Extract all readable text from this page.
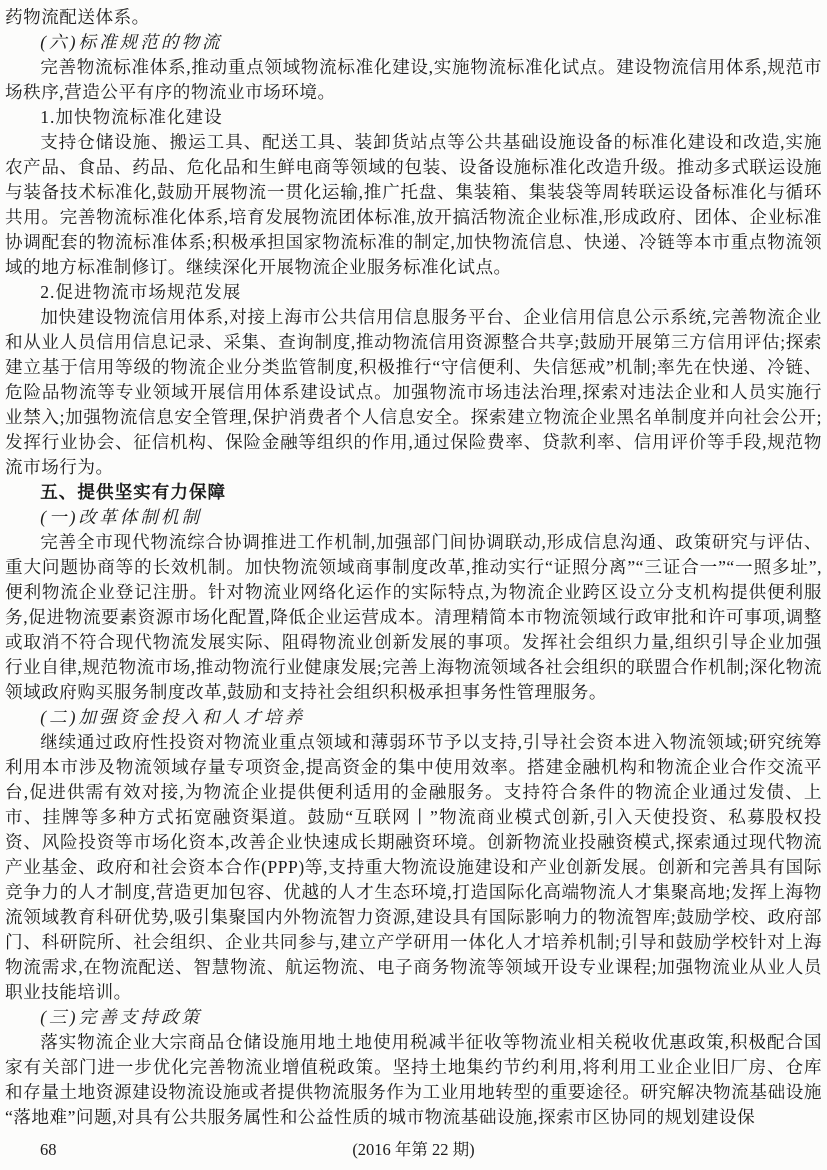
药物流配送体系。

(六)标准规范的物流

完善物流标准体系,推动重点领域物流标准化建设,实施物流标准化试点。建设物流信用体系,规范市场秩序,营造公平有序的物流业市场环境。

1.加快物流标准化建设

支持仓储设施、搬运工具、配送工具、装卸货站点等公共基础设施设备的标准化建设和改造,实施农产品、食品、药品、危化品和生鲜电商等领域的包装、设备设施标准化改造升级。推动多式联运设施与装备技术标准化,鼓励开展物流一贯化运输,推广托盘、集装箱、集装袋等周转联运设备标准化与循环共用。完善物流标准化体系,培育发展物流团体标准,放开搞活物流企业标准,形成政府、团体、企业标准协调配套的物流标准体系;积极承担国家物流标准的制定,加快物流信息、快递、冷链等本市重点物流领域的地方标准制修订。继续深化开展物流企业服务标准化试点。

2.促进物流市场规范发展

加快建设物流信用体系,对接上海市公共信用信息服务平台、企业信用信息公示系统,完善物流企业和从业人员信用信息记录、采集、查询制度,推动物流信用资源整合共享;鼓励开展第三方信用评估;探索建立基于信用等级的物流企业分类监管制度,积极推行“守信便利、失信惩戒”机制;率先在快递、冷链、危险品物流等专业领域开展信用体系建设试点。加强物流市场违法治理,探索对违法企业和人员实施行业禁入;加强物流信息安全管理,保护消费者个人信息安全。探索建立物流企业黑名单制度并向社会公开;发挥行业协会、征信机构、保险金融等组织的作用,通过保险费率、贷款利率、信用评价等手段,规范物流市场行为。

五、提供坚实有力保障

(一)改革体制机制

完善全市现代物流综合协调推进工作机制,加强部门间协调联动,形成信息沟通、政策研究与评估、重大问题协商等的长效机制。加快物流领域商事制度改革,推动实行“证照分离”“三证合一”“一照多址”,便利物流企业登记注册。针对物流业网络化运作的实际特点,为物流企业跨区设立分支机构提供便利服务,促进物流要素资源市场化配置,降低企业运营成本。清理精简本市物流领域行政审批和许可事项,调整或取消不符合现代物流发展实际、阻碍物流业创新发展的事项。发挥社会组织力量,组织引导企业加强行业自律,规范物流市场,推动物流行业健康发展;完善上海物流领域各社会组织的联盟合作机制;深化物流领域政府购买服务制度改革,鼓励和支持社会组织积极承担事务性管理服务。

(二)加强资金投入和人才培养

继续通过政府性投资对物流业重点领域和薄弱环节予以支持,引导社会资本进入物流领域;研究统筹利用本市涉及物流领域存量专项资金,提高资金的集中使用效率。搭建金融机构和物流企业合作交流平台,促进供需有效对接,为物流企业提供便利适用的金融服务。支持符合条件的物流企业通过发债、上市、挂牌等多种方式拓宽融资渠道。鼓励“互联网丨”物流商业模式创新,引入天使投资、私募股权投资、风险投资等市场化资本,改善企业快速成长期融资环境。创新物流业投融资模式,探索通过现代物流产业基金、政府和社会资本合作(PPP)等,支持重大物流设施建设和产业创新发展。创新和完善具有国际竞争力的人才制度,营造更加包容、优越的人才生态环境,打造国际化高端物流人才集聚高地;发挥上海物流领域教育科研优势,吸引集聚国内外物流智力资源,建设具有国际影响力的物流智库;鼓励学校、政府部门、科研院所、社会组织、企业共同参与,建立产学研用一体化人才培养机制;引导和鼓励学校针对上海物流需求,在物流配送、智慧物流、航运物流、电子商务物流等领域开设专业课程;加强物流业从业人员职业技能培训。

(三)完善支持政策

落实物流企业大宗商品仓储设施用地土地使用税减半征收等物流业相关税收优惠政策,积极配合国家有关部门进一步优化完善物流业增值税政策。坚持土地集约节约利用,将利用工业企业旧厂房、仓库和存量土地资源建设物流设施或者提供物流服务作为工业用地转型的重要途径。研究解决物流基础设施“落地难”问题,对具有公共服务属性和公益性质的城市物流基础设施,探索市区协同的规划建设保

68	(2016 年第 22 期)
